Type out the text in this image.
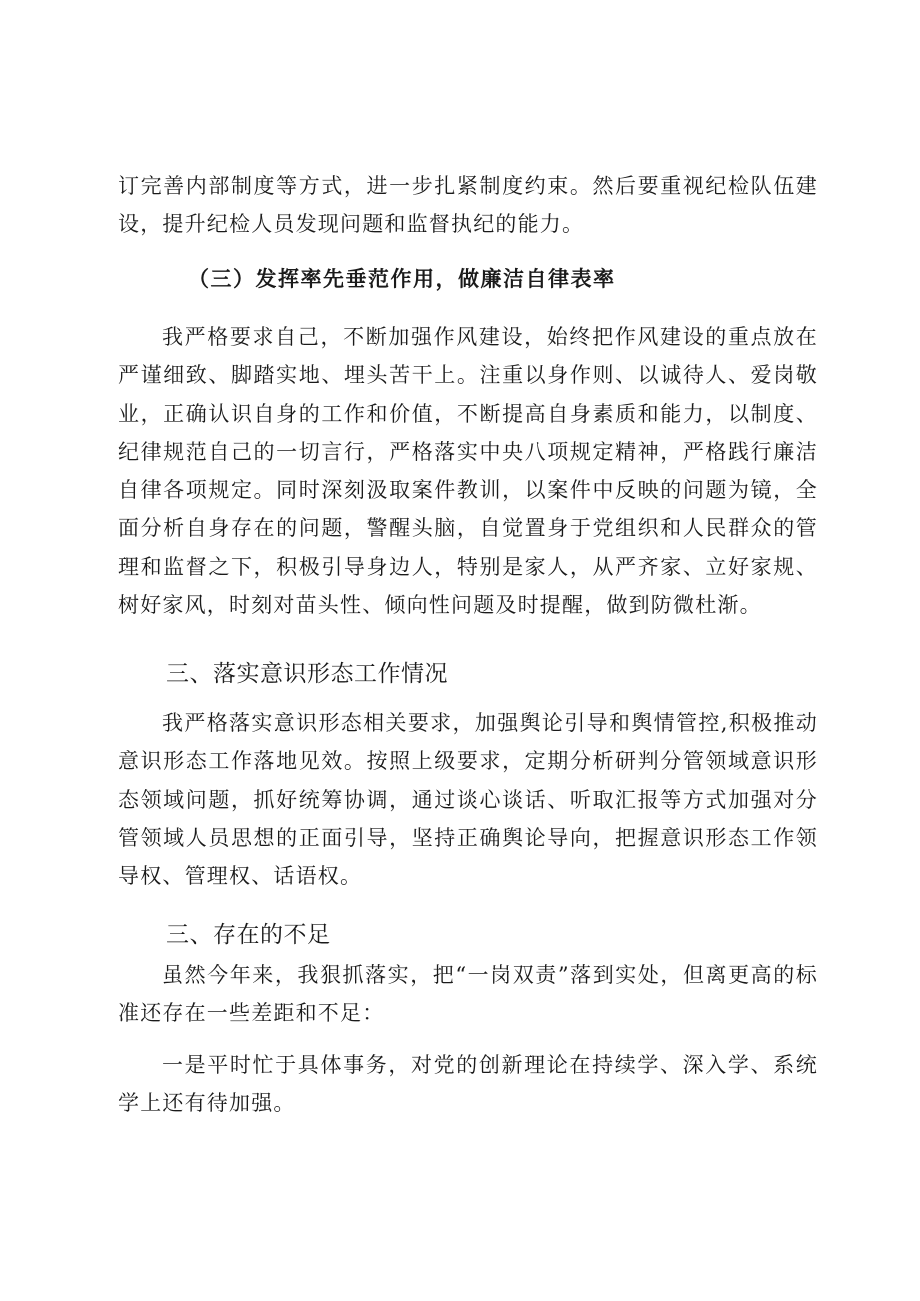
订完善内部制度等方式，进一步扎紧制度约束。然后要重视纪检队伍建设，提升纪检人员发现问题和监督执纪的能力。
（三）发挥率先垂范作用，做廉洁自律表率
我严格要求自己，不断加强作风建设，始终把作风建设的重点放在严谨细致、脚踏实地、埋头苦干上。注重以身作则、以诚待人、爱岗敬业，正确认识自身的工作和价值，不断提高自身素质和能力，以制度、纪律规范自己的一切言行，严格落实中央八项规定精神，严格践行廉洁自律各项规定。同时深刻汲取案件教训，以案件中反映的问题为镜，全面分析自身存在的问题，警醒头脑，自觉置身于党组织和人民群众的管理和监督之下，积极引导身边人，特别是家人，从严齐家、立好家规、树好家风，时刻对苗头性、倾向性问题及时提醒，做到防微杜渐。
三、落实意识形态工作情况
我严格落实意识形态相关要求，加强舆论引导和舆情管控,积极推动意识形态工作落地见效。按照上级要求，定期分析研判分管领域意识形态领域问题，抓好统筹协调，通过谈心谈话、听取汇报等方式加强对分管领域人员思想的正面引导，坚持正确舆论导向，把握意识形态工作领导权、管理权、话语权。
三、存在的不足
虽然今年来，我狠抓落实，把“一岗双责”落到实处，但离更高的标准还存在一些差距和不足：
一是平时忙于具体事务，对党的创新理论在持续学、深入学、系统学上还有待加强。
